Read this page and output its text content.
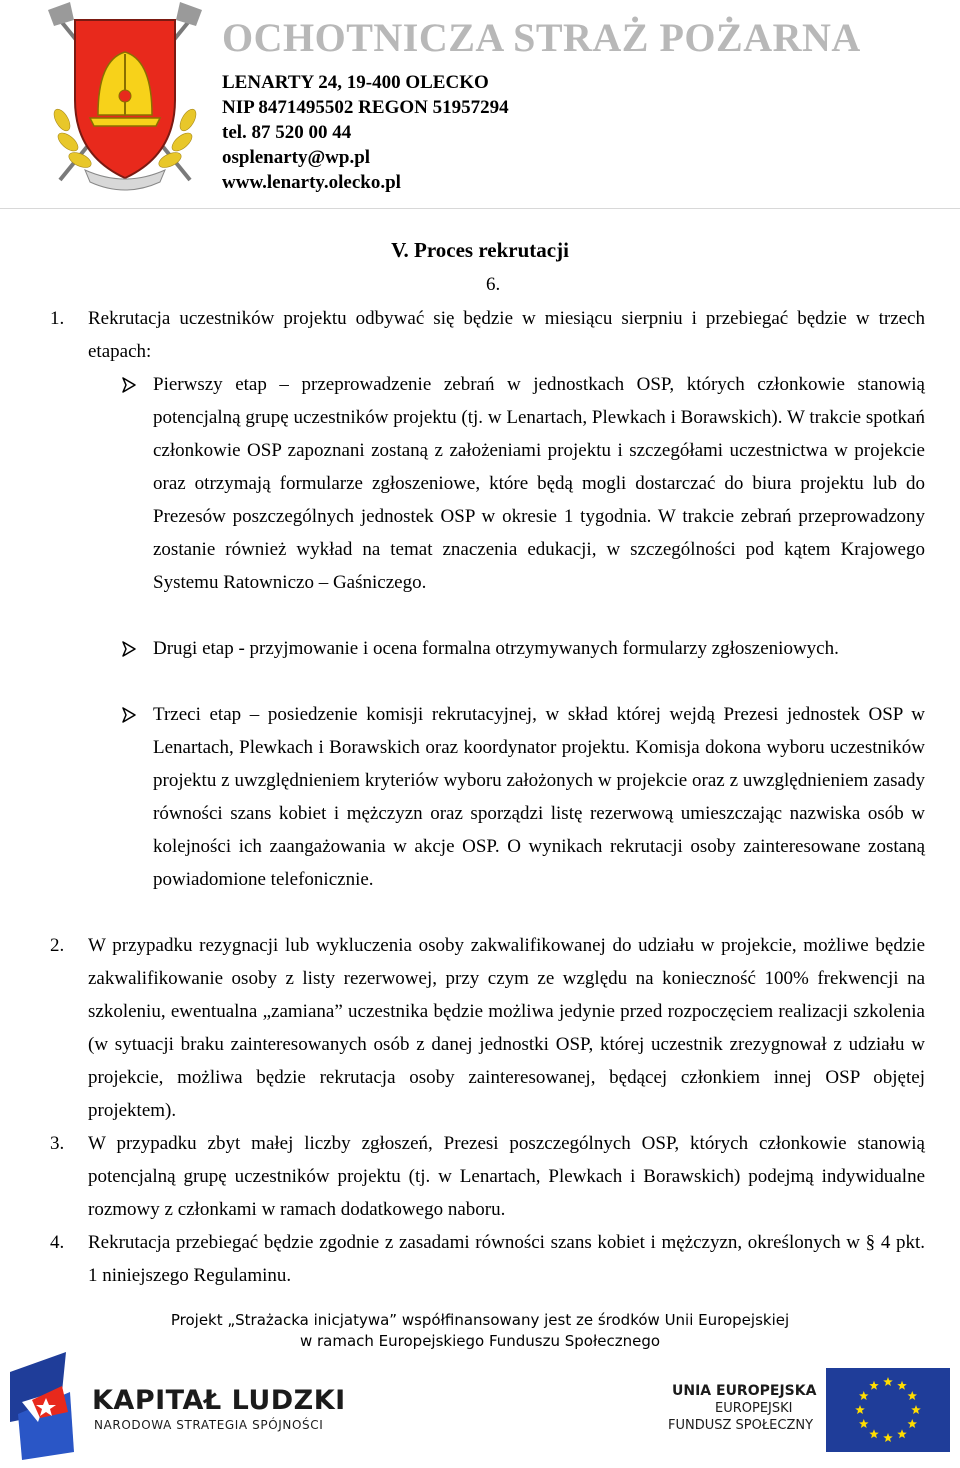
OCHOTNICZA STRAŻ POŻARNA
LENARTY 24, 19-400 OLECKO
NIP 8471495502 REGON 51957294
tel. 87 520 00 44
osplenarty@wp.pl
www.lenarty.olecko.pl
V. Proces rekrutacji
6.
1. Rekrutacja uczestników projektu odbywać się będzie w miesiącu sierpniu i przebiegać będzie w trzech etapach:
Pierwszy etap – przeprowadzenie zebrań w jednostkach OSP, których członkowie stanowią potencjalną grupę uczestników projektu (tj. w Lenartach, Plewkach i Borawskich). W trakcie spotkań członkowie OSP zapoznani zostaną z założeniami projektu i szczegółami uczestnictwa w projekcie oraz otrzymają formularze zgłoszeniowe, które będą mogli dostarczać do biura projektu lub do Prezesów poszczególnych jednostek OSP w okresie 1 tygodnia. W trakcie zebrań przeprowadzony zostanie również wykład na temat znaczenia edukacji, w szczególności pod kątem Krajowego Systemu Ratowniczo – Gaśniczego.
Drugi etap - przyjmowanie i ocena formalna otrzymywanych formularzy zgłoszeniowych.
Trzeci etap – posiedzenie komisji rekrutacyjnej, w skład której wejdą Prezesi jednostek OSP w Lenartach, Plewkach i Borawskich oraz koordynator projektu. Komisja dokona wyboru uczestników projektu z uwzględnieniem kryteriów wyboru założonych w projekcie oraz z uwzględnieniem zasady równości szans kobiet i mężczyzn oraz sporządzi listę rezerwową umieszczając nazwiska osób w kolejności ich zaangażowania w akcje OSP. O wynikach rekrutacji osoby zainteresowane zostaną powiadomione telefonicznie.
2. W przypadku rezygnacji lub wykluczenia osoby zakwalifikowanej do udziału w projekcie, możliwe będzie zakwalifikowanie osoby z listy rezerwowej, przy czym ze względu na konieczność 100% frekwencji na szkoleniu, ewentualna „zamiana” uczestnika będzie możliwa jedynie przed rozpoczęciem realizacji szkolenia (w sytuacji braku zainteresowanych osób z danej jednostki OSP, której uczestnik zrezygnował z udziału w projekcie, możliwa będzie rekrutacja osoby zainteresowanej, będącej członkiem innej OSP objętej projektem).
3. W przypadku zbyt małej liczby zgłoszeń, Prezesi poszczególnych OSP, których członkowie stanowią potencjalną grupę uczestników projektu (tj. w Lenartach, Plewkach i Borawskich) podejmą indywidualne rozmowy z członkami w ramach dodatkowego naboru.
4. Rekrutacja przebiegać będzie zgodnie z zasadami równości szans kobiet i mężczyzn, określonych w § 4 pkt. 1 niniejszego Regulaminu.
Projekt „Strażacka inicjatywa” współfinansowany jest ze środków Unii Europejskiej
w ramach Europejskiego Funduszu Społecznego
KAPITAŁ LUDZKI
NARODOWA STRATEGIA SPÓJNOŚCI
UNIA EUROPEJSKA
EUROPEJSKI
FUNDUSZ SPOŁECZNY
